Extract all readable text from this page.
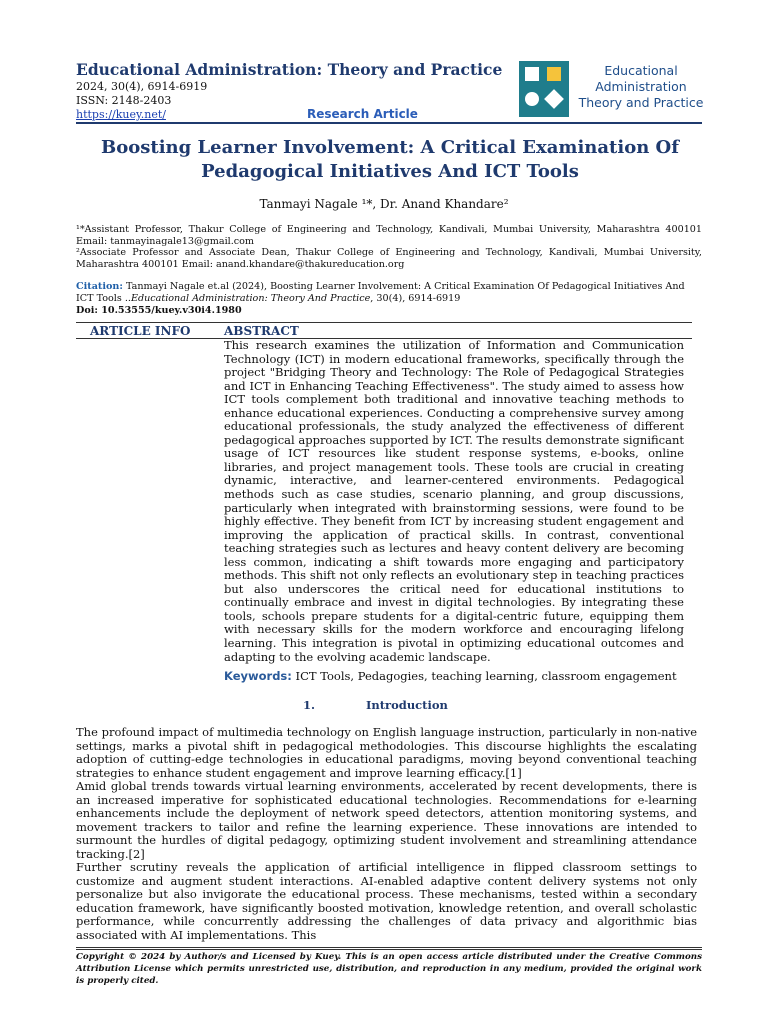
Educational Administration: Theory and Practice
2024, 30(4), 6914-6919
ISSN: 2148-2403
https://kuey.net/	Research Article
Educational
Administration
Theory and Practice
Boosting Learner Involvement: A Critical Examination Of
Pedagogical Initiatives And ICT Tools
Tanmayi Nagale ¹*, Dr. Anand Khandare²
¹*Assistant Professor, Thakur College of Engineering and Technology, Kandivali, Mumbai University, Maharashtra 400101 Email: tanmayinagale13@gmail.com
²Associate Professor and Associate Dean, Thakur College of Engineering and Technology, Kandivali, Mumbai University, Maharashtra 400101 Email: anand.khandare@thakureducation.org
Citation: Tanmayi Nagale et.al (2024), Boosting Learner Involvement: A Critical Examination Of Pedagogical Initiatives And ICT Tools ..Educational Administration: Theory And Practice, 30(4), 6914-6919
Doi: 10.53555/kuey.v30i4.1980
ARTICLE INFO	ABSTRACT
This research examines the utilization of Information and Communication Technology (ICT) in modern educational frameworks, specifically through the project "Bridging Theory and Technology: The Role of Pedagogical Strategies and ICT in Enhancing Teaching Effectiveness". The study aimed to assess how ICT tools complement both traditional and innovative teaching methods to enhance educational experiences. Conducting a comprehensive survey among educational professionals, the study analyzed the effectiveness of different pedagogical approaches supported by ICT. The results demonstrate significant usage of ICT resources like student response systems, e-books, online libraries, and project management tools. These tools are crucial in creating dynamic, interactive, and learner-centered environments. Pedagogical methods such as case studies, scenario planning, and group discussions, particularly when integrated with brainstorming sessions, were found to be highly effective. They benefit from ICT by increasing student engagement and improving the application of practical skills. In contrast, conventional teaching strategies such as lectures and heavy content delivery are becoming less common, indicating a shift towards more engaging and participatory methods. This shift not only reflects an evolutionary step in teaching practices but also underscores the critical need for educational institutions to continually embrace and invest in digital technologies. By integrating these tools, schools prepare students for a digital-centric future, equipping them with necessary skills for the modern workforce and encouraging lifelong learning. This integration is pivotal in optimizing educational outcomes and adapting to the evolving academic landscape.
Keywords: ICT Tools, Pedagogies, teaching learning, classroom engagement
1.	Introduction

The profound impact of multimedia technology on English language instruction, particularly in non-native settings, marks a pivotal shift in pedagogical methodologies. This discourse highlights the escalating adoption of cutting-edge technologies in educational paradigms, moving beyond conventional teaching strategies to enhance student engagement and improve learning efficacy.[1]

Amid global trends towards virtual learning environments, accelerated by recent developments, there is an increased imperative for sophisticated educational technologies. Recommendations for e-learning enhancements include the deployment of network speed detectors, attention monitoring systems, and movement trackers to tailor and refine the learning experience. These innovations are intended to surmount the hurdles of digital pedagogy, optimizing student involvement and streamlining attendance tracking.[2]

Further scrutiny reveals the application of artificial intelligence in flipped classroom settings to customize and augment student interactions. AI-enabled adaptive content delivery systems not only personalize but also invigorate the educational process. These mechanisms, tested within a secondary education framework, have significantly boosted motivation, knowledge retention, and overall scholastic performance, while concurrently addressing the challenges of data privacy and algorithmic bias associated with AI implementations. This

Copyright © 2024 by Author/s and Licensed by Kuey. This is an open access article distributed under the Creative Commons Attribution License which permits unrestricted use, distribution, and reproduction in any medium, provided the original work is properly cited.
